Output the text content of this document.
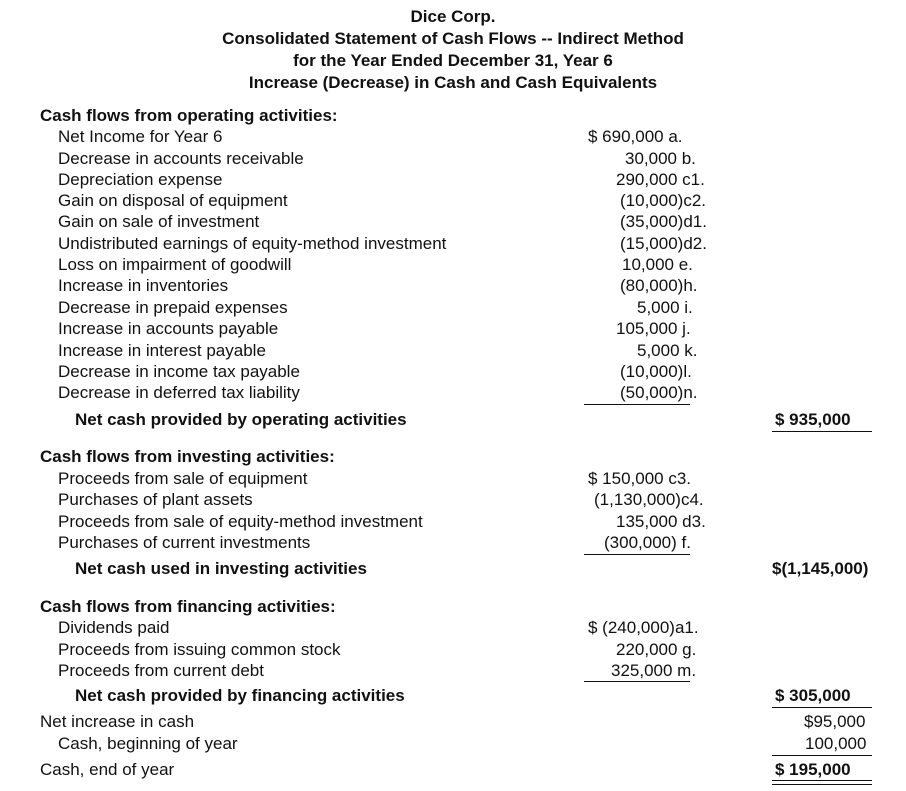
Dice Corp.
Consolidated Statement of Cash Flows -- Indirect Method
for the Year Ended December 31, Year 6
Increase (Decrease) in Cash and Cash Equivalents
Cash flows from operating activities:
Net Income for Year 6	$ 690,000 a.
Decrease in accounts receivable	30,000 b.
Depreciation expense	290,000 c1.
Gain on disposal of equipment	(10,000)c2.
Gain on sale of investment	(35,000)d1.
Undistributed earnings of equity-method investment	(15,000)d2.
Loss on impairment of goodwill	10,000 e.
Increase in inventories	(80,000)h.
Decrease in prepaid expenses	5,000 i.
Increase in accounts payable	105,000 j.
Increase in interest payable	5,000 k.
Decrease in income tax payable	(10,000)l.
Decrease in deferred tax liability	(50,000)n.
Net cash provided by operating activities	$ 935,000
Cash flows from investing activities:
Proceeds from sale of equipment	$ 150,000 c3.
Purchases of plant assets	(1,130,000)c4.
Proceeds from sale of equity-method investment	135,000 d3.
Purchases of current investments	(300,000) f.
Net cash used in investing activities	$(1,145,000)
Cash flows from financing activities:
Dividends paid	$ (240,000)a1.
Proceeds from issuing common stock	220,000 g.
Proceeds from current debt	325,000 m.
Net cash provided by financing activities	$ 305,000
Net increase in cash	$95,000
Cash, beginning of year	100,000
Cash, end of year	$ 195,000
